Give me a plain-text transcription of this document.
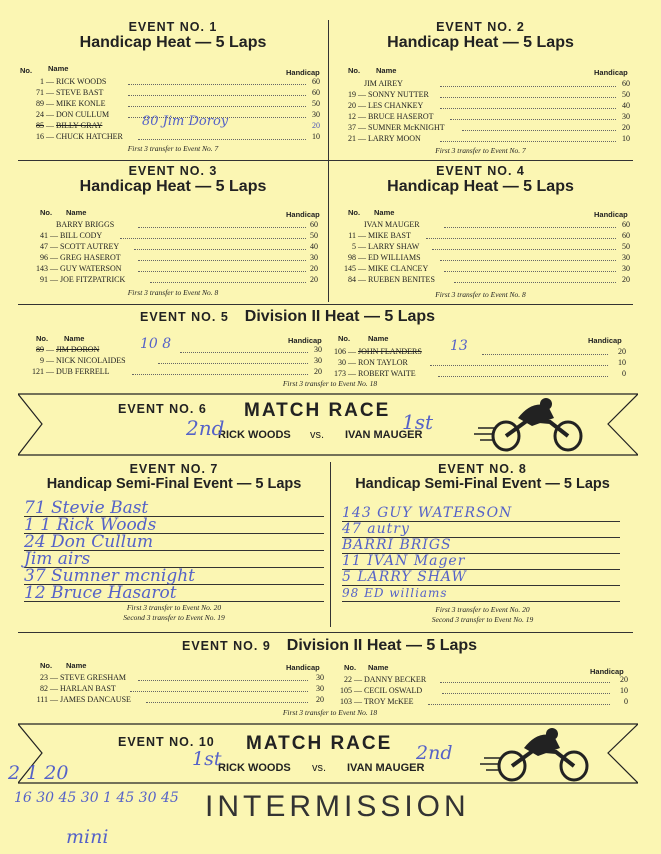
EVENT NO. 1
Handicap Heat — 5 Laps
No. Name	Handicap
1 — RICK WOODS	60
71 — STEVE BAST	60
89 — MIKE KONLE	50
24 — DON CULLUM	30
85 — BILLY GRAY	80 Jim Doroy	20
16 — CHUCK HATCHER	10
First 3 transfer to Event No. 7
EVENT NO. 2
Handicap Heat — 5 Laps
No. Name	Handicap
JIM AIREY	60
19 — SONNY NUTTER	50
20 — LES CHANKEY	40
12 — BRUCE HASEROT	30
37 — SUMNER McKNIGHT	20
21 — LARRY MOON	10
First 3 transfer to Event No. 7
EVENT NO. 3
Handicap Heat — 5 Laps
No. Name	Handicap
BARRY BRIGGS	60
41 — BILL CODY	50
47 — SCOTT AUTREY	40
96 — GREG HASEROT	30
143 — GUY WATERSON	20
91 — JOE FITZPATRICK	20
First 3 transfer to Event No. 8
EVENT NO. 4
Handicap Heat — 5 Laps
No. Name	Handicap
IVAN MAUGER	60
11 — MIKE BAST	60
5 — LARRY SHAW	50
98 — ED WILLIAMS	30
145 — MIKE CLANCEY	30
84 — RUEBEN BENITES	20
First 3 transfer to Event No. 8
EVENT NO. 5 Division II Heat — 5 Laps
No. Name	Handicap No. Name	Handicap
89 — JIM DORON	10 8	30
9 — NICK NICOLAIDES	30
121 — DUB FERRELL	20
106 — JOHN FLANDERS 13	20
30 — RON TAYLOR	10
173 — ROBERT WAITE	0
First 3 transfer to Event No. 18
EVENT NO. 6 MATCH RACE
RICK WOODS vs. IVAN MAUGER
2nd	1st
EVENT NO. 7
Handicap Semi-Final Event — 5 Laps
71 Stevie Bast
1 1 Rick Woods
24 Don Cullum
Jim airs
37 Sumner mcnight
12 Bruce Hasarot
First 3 transfer to Event No. 20
Second 3 transfer to Event No. 19
EVENT NO. 8
Handicap Semi-Final Event — 5 Laps
143 GUY WATERSON
47 autry
BARRI BRIGS
11 IVAN Mager
5 LARRY SHAW
98 ED williams
First 3 transfer to Event No. 20
Second 3 transfer to Event No. 19
EVENT NO. 9 Division II Heat — 5 Laps
No. Name	Handicap	No. Name	Handicap
23 — STEVE GRESHAM	30
82 — HARLAN BAST	30
111 — JAMES DANCAUSE	20
22 — DANNY BECKER	20
105 — CECIL OSWALD	10
103 — TROY McKEE	0
First 3 transfer to Event No. 18
EVENT NO. 10 MATCH RACE
RICK WOODS vs. IVAN MAUGER
1st	2nd
INTERMISSION
2 1 20
16 30 45 30 1 45 30 45
mini
